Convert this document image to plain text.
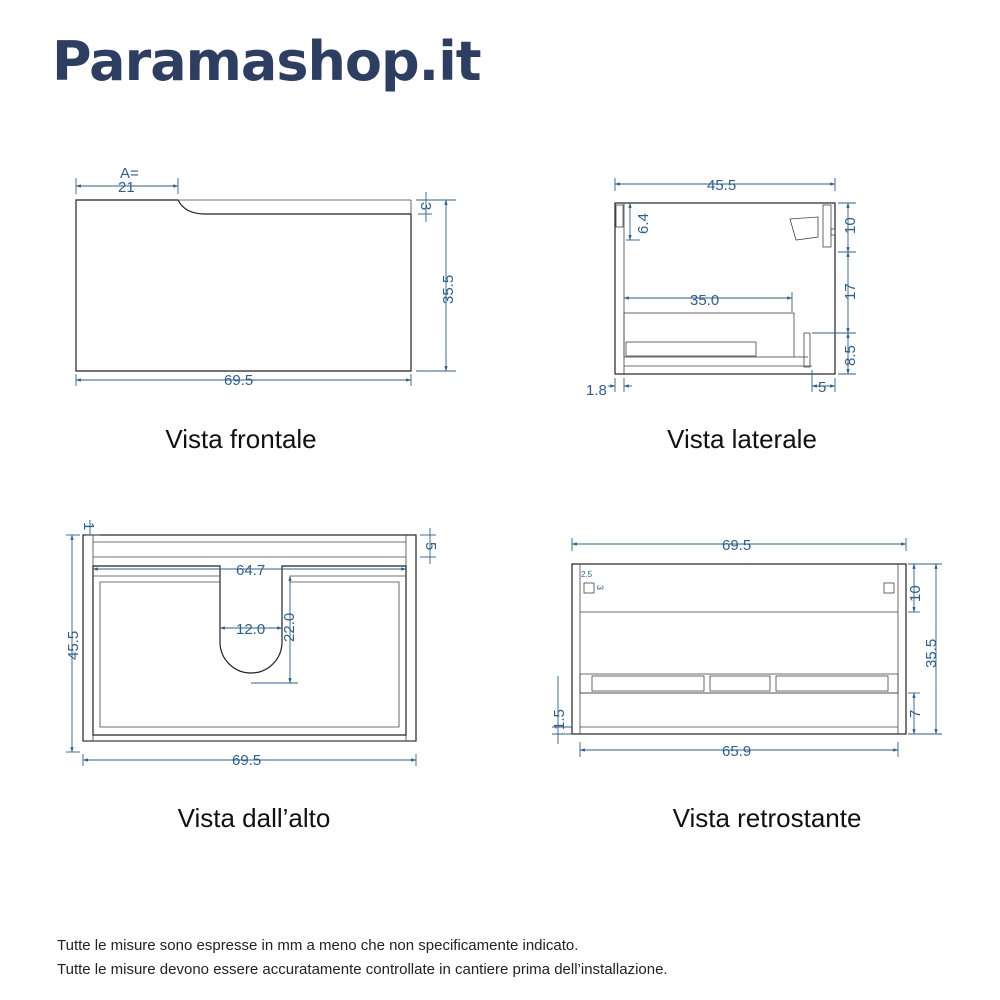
Paramashop.it
A=
21
3
35.5
69.5
45.5
6.4
35.0
10
17
8.5
1.8	5
45.5
1
5
64.7
12.0 22.0
69.5
69.5
2.5
3	10
35.5
7
1.5
65.9
Vista frontale	Vista laterale
Vista dall’alto	Vista retrostante
Tutte le misure sono espresse in mm a meno che non specificamente indicato.
Tutte le misure devono essere accuratamente controllate in cantiere prima dell’installazione.
